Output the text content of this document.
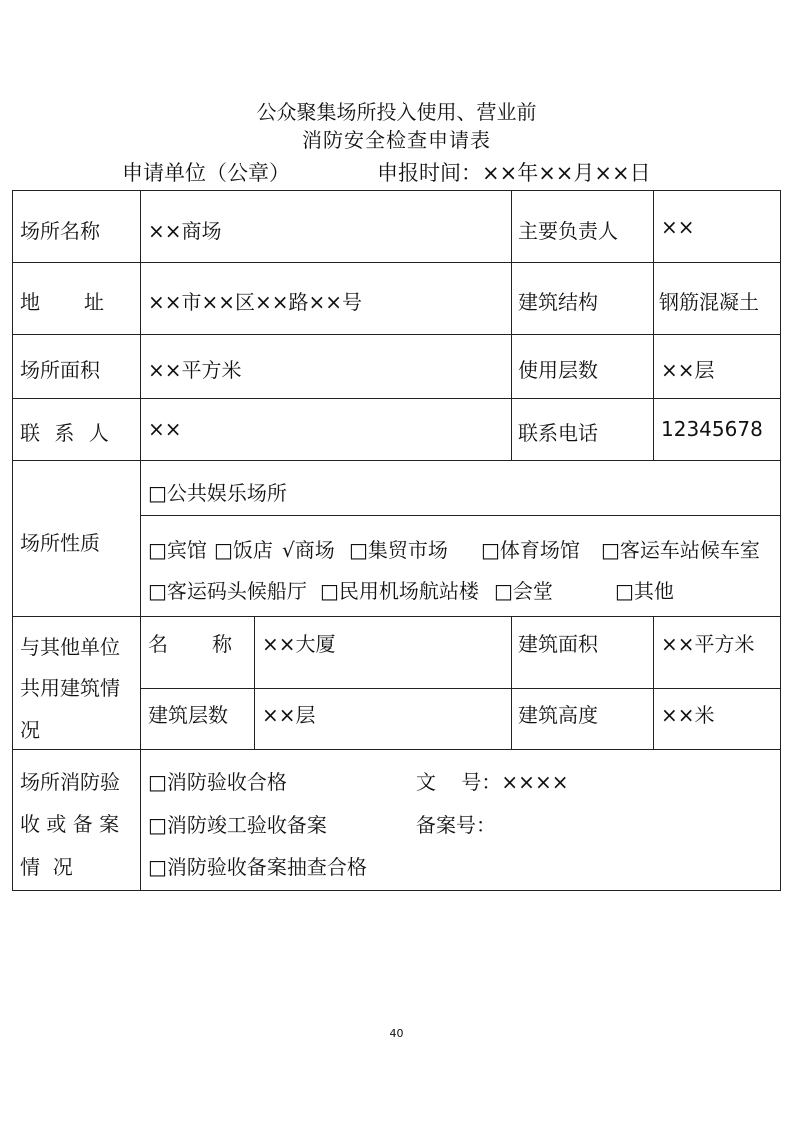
公众聚集场所投入使用、营业前
消防安全检查申请表
申请单位（公章）	申报时间：××年××月××日
场所名称 ××商场	主要负责人 ××
地 址 ××市××区××路××号	建筑结构	钢筋混凝土
场所面积 ××平方米	使用层数	××层
联 系 人 ××	联系电话	12345678
场所性质
□公共娱乐场所
□宾馆 □饭店 √商场 □集贸市场 □体育场馆 □客运车站候车室
□客运码头候船厅 □民用机场航站楼 □会堂	□其他
与其他单位
共用建筑情
况
名 称 ××大厦	建筑面积	××平方米
建筑层数 ××层	建筑高度	××米
场所消防验
收 或 备 案
情  况
□消防验收合格	文    号：××××
□消防竣工验收备案	备案号：
□消防验收备案抽查合格
40
